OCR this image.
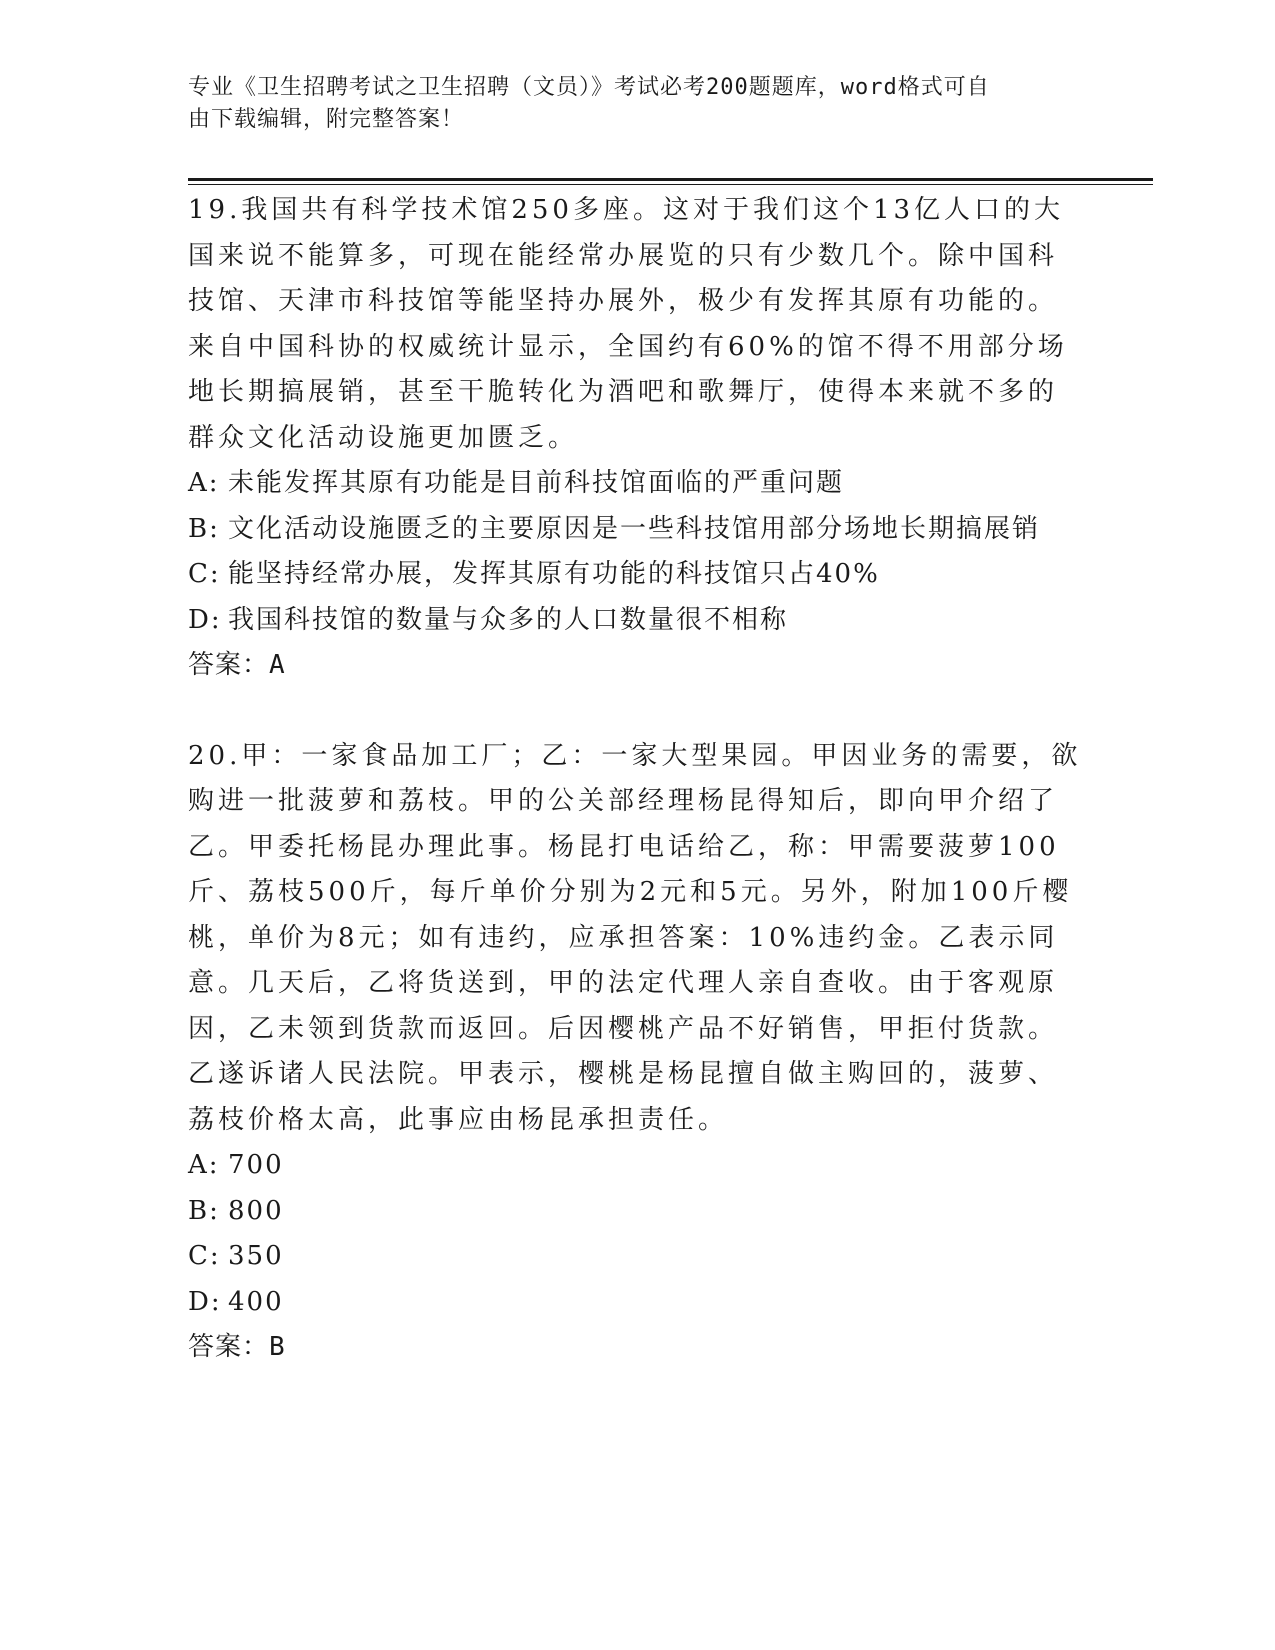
专业《卫生招聘考试之卫生招聘（文员）》考试必考200题题库，word格式可自
由下载编辑，附完整答案！

19.我国共有科学技术馆250多座。这对于我们这个13亿人口的大国来说不能算多，可现在能经常办展览的只有少数几个。除中国科技馆、天津市科技馆等能坚持办展外，极少有发挥其原有功能的。来自中国科协的权威统计显示，全国约有60%的馆不得不用部分场地长期搞展销，甚至干脆转化为酒吧和歌舞厅，使得本来就不多的群众文化活动设施更加匮乏。

A: 未能发挥其原有功能是目前科技馆面临的严重问题

B: 文化活动设施匮乏的主要原因是一些科技馆用部分场地长期搞展销

C: 能坚持经常办展，发挥其原有功能的科技馆只占40%

D: 我国科技馆的数量与众多的人口数量很不相称

答案：A

20.甲：一家食品加工厂；乙：一家大型果园。甲因业务的需要，欲购进一批菠萝和荔枝。甲的公关部经理杨昆得知后，即向甲介绍了乙。甲委托杨昆办理此事。杨昆打电话给乙，称：甲需要菠萝100斤、荔枝500斤，每斤单价分别为2元和5元。另外，附加100斤樱桃，单价为8元；如有违约，应承担答案：10%违约金。乙表示同意。几天后，乙将货送到，甲的法定代理人亲自查收。由于客观原因，乙未领到货款而返回。后因樱桃产品不好销售，甲拒付货款。乙遂诉诸人民法院。甲表示，樱桃是杨昆擅自做主购回的，菠萝、荔枝价格太高，此事应由杨昆承担责任。

A: 700

B: 800

C: 350

D: 400

答案：B
